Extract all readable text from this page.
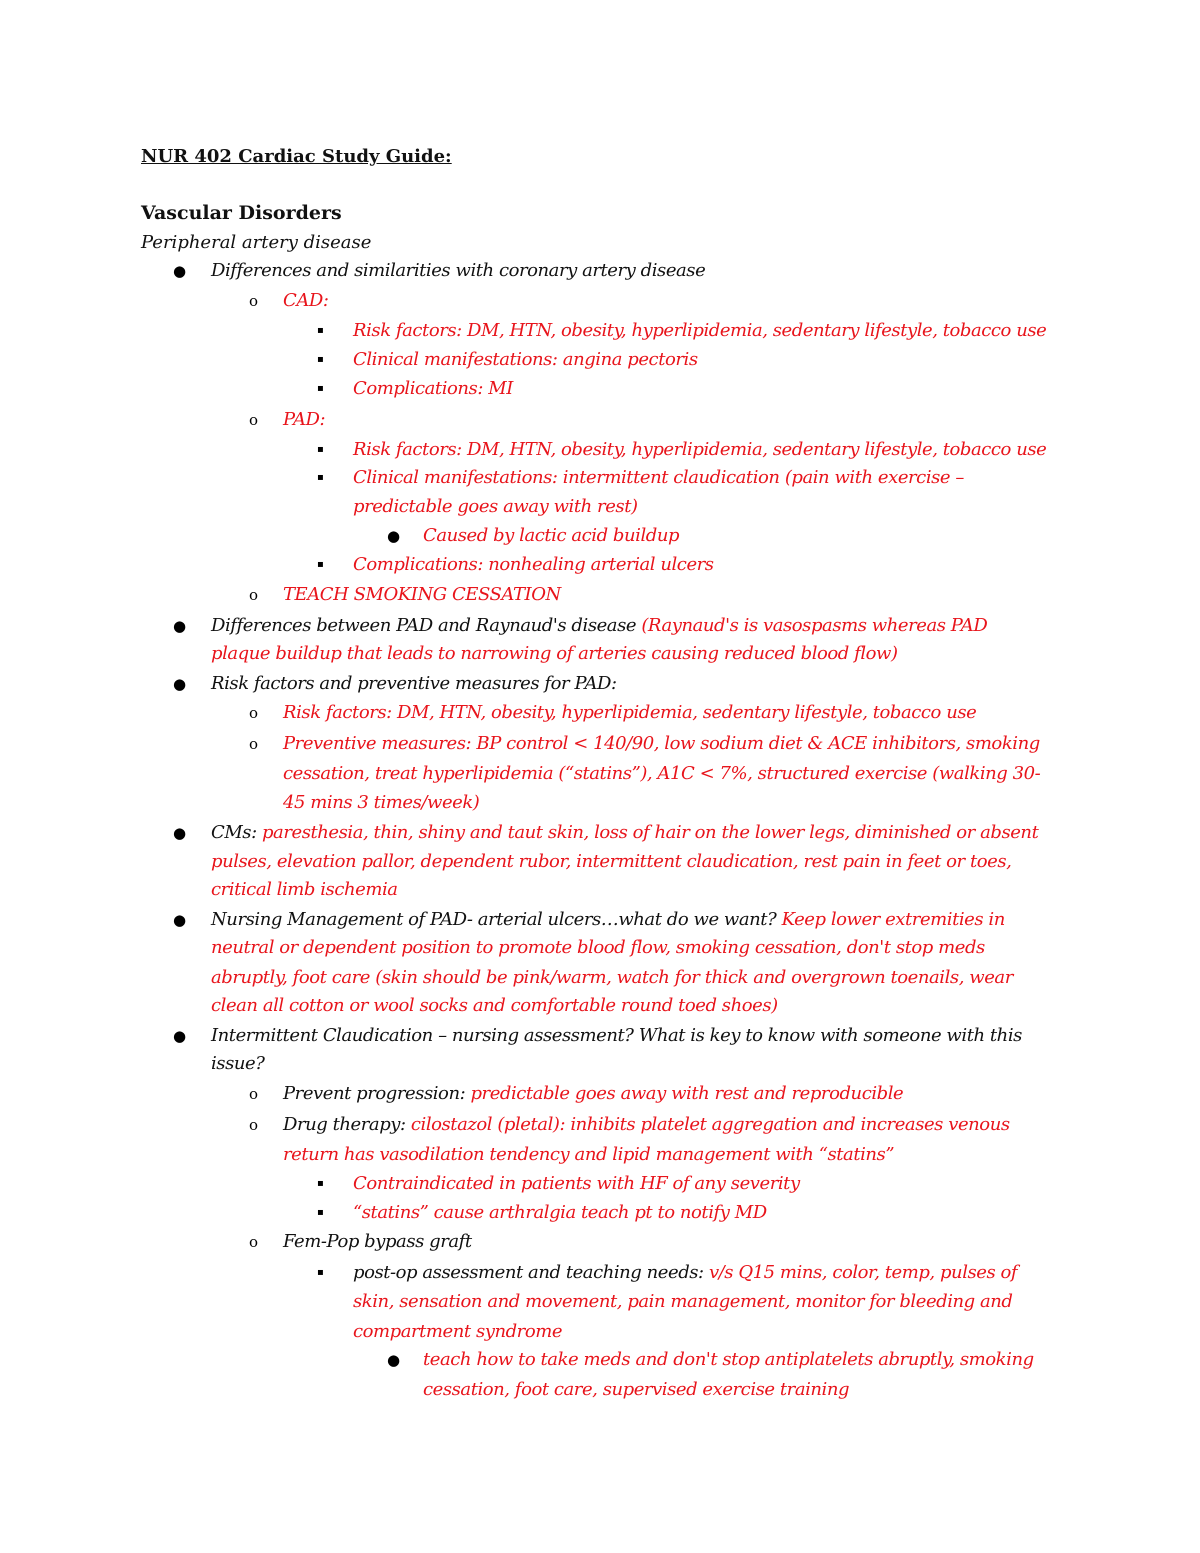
NUR 402 Cardiac Study Guide:
Vascular Disorders
Peripheral artery disease
● Differences and similarities with coronary artery disease
o CAD:
▪ Risk factors: DM, HTN, obesity, hyperlipidemia, sedentary lifestyle, tobacco use
▪ Clinical manifestations: angina pectoris
▪ Complications: MI
o PAD:
▪ Risk factors: DM, HTN, obesity, hyperlipidemia, sedentary lifestyle, tobacco use
▪ Clinical manifestations: intermittent claudication (pain with exercise –
predictable goes away with rest)
● Caused by lactic acid buildup
▪ Complications: nonhealing arterial ulcers
o TEACH SMOKING CESSATION
● Differences between PAD and Raynaud's disease (Raynaud's is vasospasms whereas PAD
plaque buildup that leads to narrowing of arteries causing reduced blood flow)
● Risk factors and preventive measures for PAD:
o Risk factors: DM, HTN, obesity, hyperlipidemia, sedentary lifestyle, tobacco use
o Preventive measures: BP control < 140/90, low sodium diet & ACE inhibitors, smoking
cessation, treat hyperlipidemia (“statins”), A1C < 7%, structured exercise (walking 30-
45 mins 3 times/week)
● CMs: paresthesia, thin, shiny and taut skin, loss of hair on the lower legs, diminished or absent
pulses, elevation pallor, dependent rubor, intermittent claudication, rest pain in feet or toes,
critical limb ischemia
● Nursing Management of PAD- arterial ulcers…what do we want? Keep lower extremities in
neutral or dependent position to promote blood flow, smoking cessation, don't stop meds
abruptly, foot care (skin should be pink/warm, watch for thick and overgrown toenails, wear
clean all cotton or wool socks and comfortable round toed shoes)
● Intermittent Claudication – nursing assessment? What is key to know with someone with this
issue?
o Prevent progression: predictable goes away with rest and reproducible
o Drug therapy: cilostazol (pletal): inhibits platelet aggregation and increases venous
return has vasodilation tendency and lipid management with “statins”
▪ Contraindicated in patients with HF of any severity
▪ “statins” cause arthralgia teach pt to notify MD
o Fem-Pop bypass graft
▪ post-op assessment and teaching needs: v/s Q15 mins, color, temp, pulses of
skin, sensation and movement, pain management, monitor for bleeding and
compartment syndrome
● teach how to take meds and don't stop antiplatelets abruptly, smoking
cessation, foot care, supervised exercise training
